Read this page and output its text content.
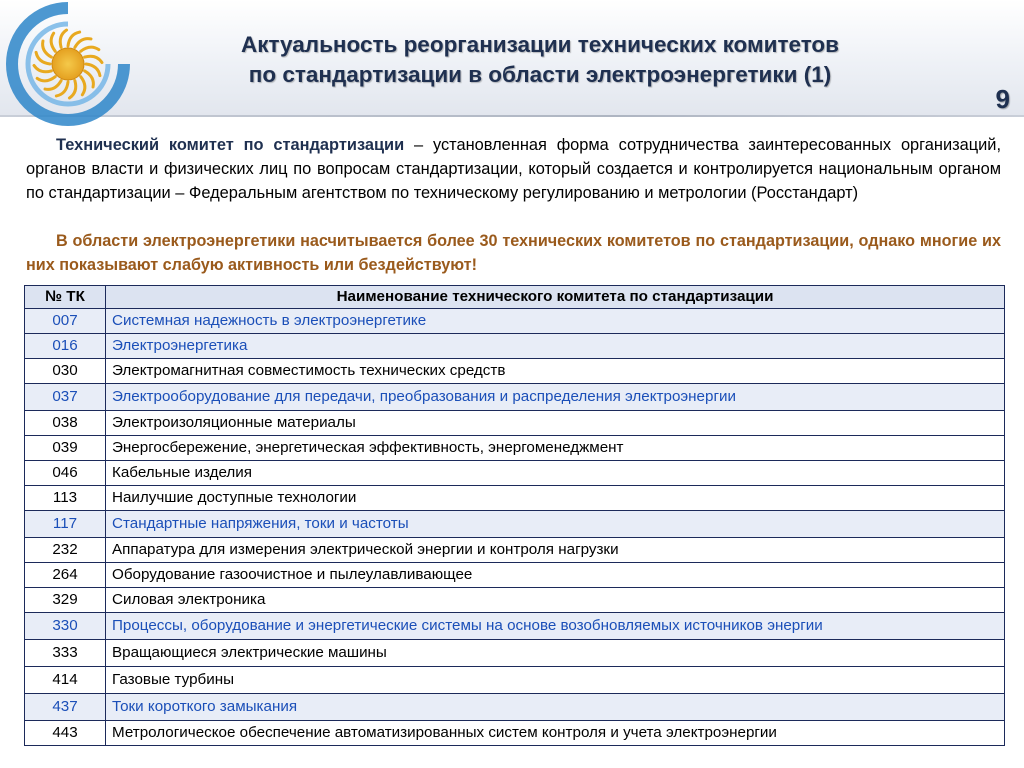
Актуальность реорганизации технических комитетов
по стандартизации в области электроэнергетики (1)
9

Технический комитет по стандартизации – установленная форма сотрудничества заинтересованных организаций, органов власти и физических лиц по вопросам стандартизации, который создается и контролируется национальным органом по стандартизации – Федеральным агентством по техническому регулированию и метрологии (Росстандарт)

В области электроэнергетики насчитывается более 30 технических комитетов по стандартизации, однако многие их них показывают слабую активность или бездействуют!

№ ТК	Наименование технического комитета по стандартизации
007	Системная надежность в электроэнергетике
016	Электроэнергетика
030	Электромагнитная совместимость технических средств
037	Электрооборудование для передачи, преобразования и распределения электроэнергии
038	Электроизоляционные материалы
039	Энергосбережение, энергетическая эффективность, энергоменеджмент
046	Кабельные изделия
113	Наилучшие доступные технологии
117	Стандартные напряжения, токи и частоты
232	Аппаратура для измерения электрической энергии и контроля нагрузки
264	Оборудование газоочистное и пылеулавливающее
329	Силовая электроника
330	Процессы, оборудование и энергетические системы на основе возобновляемых источников энергии
333	Вращающиеся электрические машины
414	Газовые турбины
437	Токи короткого замыкания
443	Метрологическое обеспечение автоматизированных систем контроля и учета электроэнергии
